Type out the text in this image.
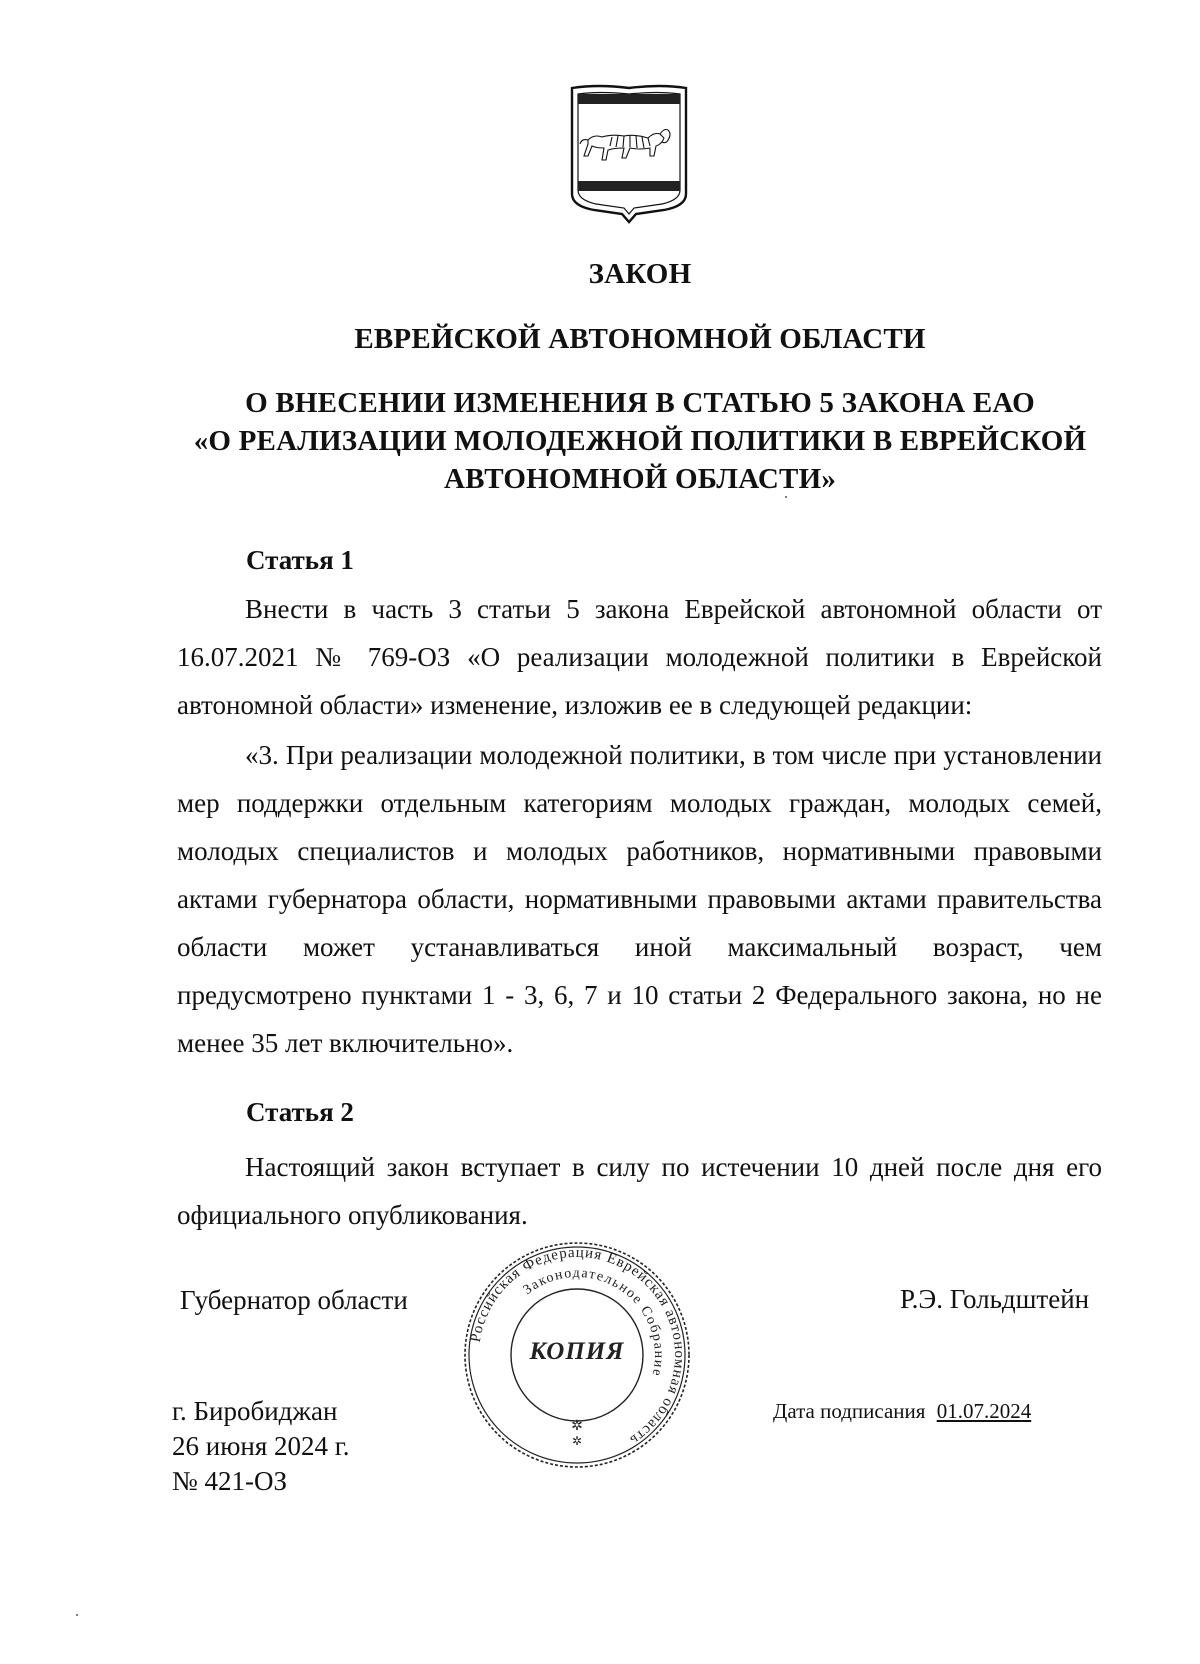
ЗАКОН
ЕВРЕЙСКОЙ АВТОНОМНОЙ ОБЛАСТИ
О ВНЕСЕНИИ ИЗМЕНЕНИЯ В СТАТЬЮ 5 ЗАКОНА ЕАО
«О РЕАЛИЗАЦИИ МОЛОДЕЖНОЙ ПОЛИТИКИ В ЕВРЕЙСКОЙ
АВТОНОМНОЙ ОБЛАСТИ»
Статья 1
Внести в часть 3 статьи 5 закона Еврейской автономной области от 16.07.2021 № 769-ОЗ «О реализации молодежной политики в Еврейской автономной области» изменение, изложив ее в следующей редакции:
«3. При реализации молодежной политики, в том числе при установлении мер поддержки отдельным категориям молодых граждан, молодых семей, молодых специалистов и молодых работников, нормативными правовыми актами губернатора области, нормативными правовыми актами правительства области может устанавливаться иной максимальный возраст, чем предусмотрено пунктами 1 - 3, 6, 7 и 10 статьи 2 Федерального закона, но не менее 35 лет включительно».
Статья 2
Настоящий закон вступает в силу по истечении 10 дней после дня его официального опубликования.
Губернатор области	Р.Э. Гольдштейн
Российская Федерация Еврейская автономная область
Законодательное Собрание
✲
✲
КОПИЯ
г. Биробиджан
26 июня 2024 г.
№ 421-ОЗ
Дата подписания 01.07.2024
